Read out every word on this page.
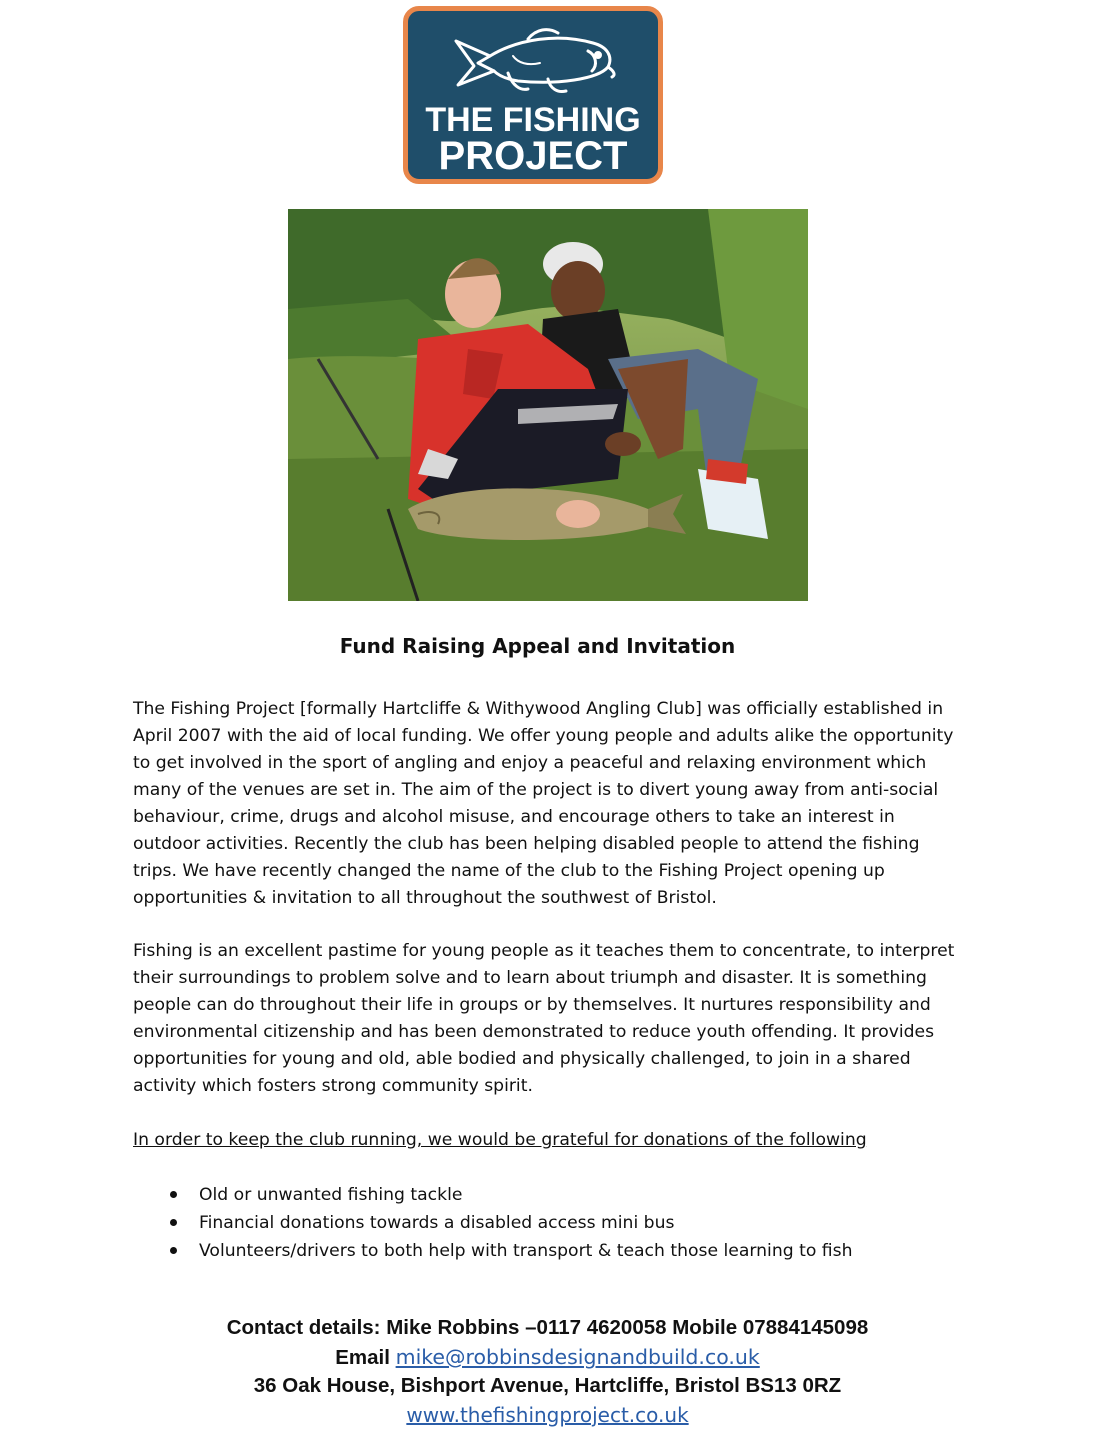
THE FISHING
PROJECT
Fund Raising Appeal and Invitation
The Fishing Project [formally Hartcliffe & Withywood Angling Club] was officially established in April 2007 with the aid of local funding. We offer young people and adults alike the opportunity to get involved in the sport of angling and enjoy a peaceful and relaxing environment which many of the venues are set in. The aim of the project is to divert young away from anti-social behaviour, crime, drugs and alcohol misuse, and encourage others to take an interest in outdoor activities. Recently the club has been helping disabled people to attend the fishing trips. We have recently changed the name of the club to the Fishing Project opening up opportunities & invitation to all throughout the southwest of Bristol.
Fishing is an excellent pastime for young people as it teaches them to concentrate, to interpret their surroundings to problem solve and to learn about triumph and disaster. It is something people can do throughout their life in groups or by themselves. It nurtures responsibility and environmental citizenship and has been demonstrated to reduce youth offending. It provides opportunities for young and old, able bodied and physically challenged, to join in a shared activity which fosters strong community spirit.
In order to keep the club running, we would be grateful for donations of the following
Old or unwanted fishing tackle
Financial donations towards a disabled access mini bus
Volunteers/drivers to both help with transport & teach those learning to fish
Contact details: Mike Robbins –0117 4620058 Mobile 07884145098
Email mike@robbinsdesignandbuild.co.uk
36 Oak House, Bishport Avenue, Hartcliffe, Bristol BS13 0RZ
www.thefishingproject.co.uk
